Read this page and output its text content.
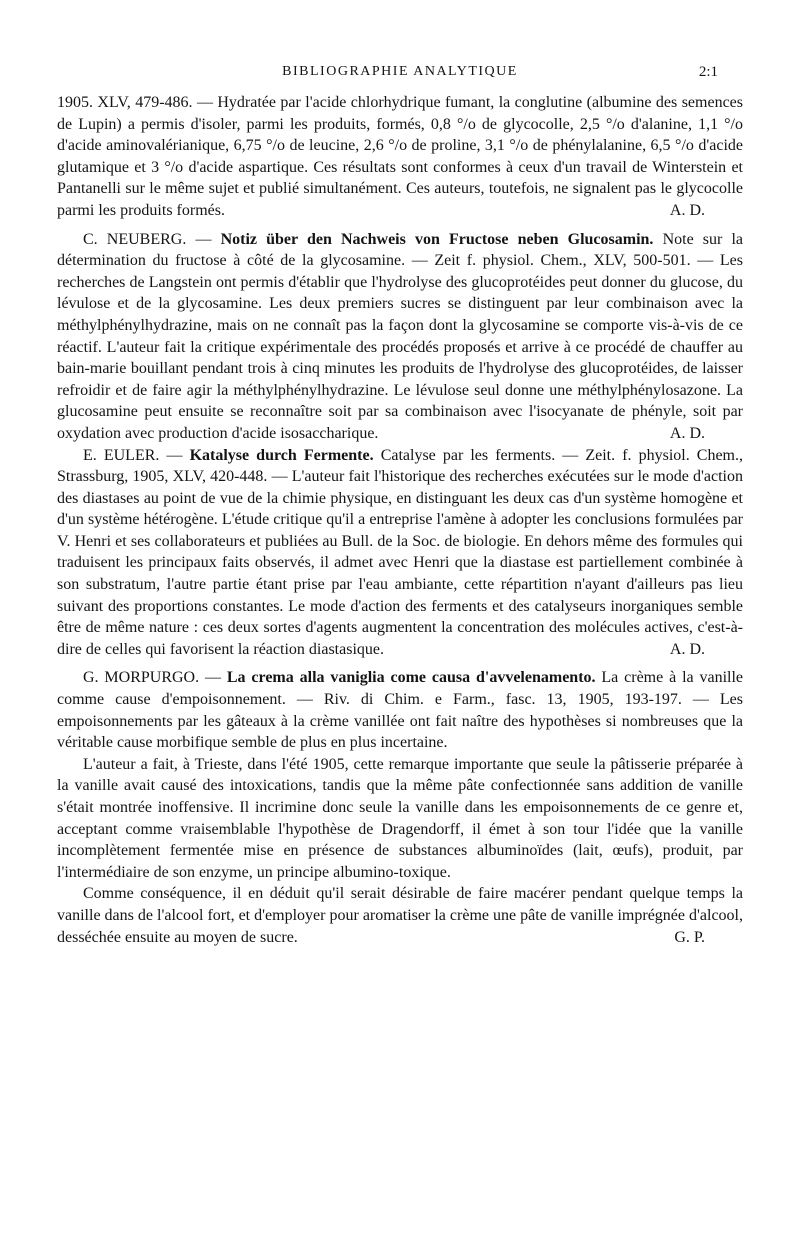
BIBLIOGRAPHIE ANALYTIQUE	2:1

1905. XLV, 479-486. — Hydratée par l'acide chlorhydrique fumant, la conglutine (albumine des semences de Lupin) a permis d'isoler, parmi les produits, formés, 0,8 °/o de glycocolle, 2,5 °/o d'alanine, 1,1 °/o d'acide aminovalérianique, 6,75 °/o de leucine, 2,6 °/o de proline, 3,1 °/o de phénylalanine, 6,5 °/o d'acide glutamique et 3 °/o d'acide aspartique. Ces résultats sont conformes à ceux d'un travail de Winterstein et Pantanelli sur le même sujet et publié simultanément. Ces auteurs, toutefois, ne signalent pas le glycocolle parmi les produits formés.	A. D.

C. NEUBERG. — Notiz über den Nachweis von Fructose neben Glucosamin. Note sur la détermination du fructose à côté de la glycosamine. — Zeit f. physiol. Chem., XLV, 500-501. — Les recherches de Langstein ont permis d'établir que l'hydrolyse des glucoprotéides peut donner du glucose, du lévulose et de la glycosamine. Les deux premiers sucres se distinguent par leur combinaison avec la méthylphénylhydrazine, mais on ne connaît pas la façon dont la glycosamine se comporte vis-à-vis de ce réactif. L'auteur fait la critique expérimentale des procédés proposés et arrive à ce procédé de chauffer au bain-marie bouillant pendant trois à cinq minutes les produits de l'hydrolyse des glucoprotéides, de laisser refroidir et de faire agir la méthylphénylhydrazine. Le lévulose seul donne une méthylphénylosazone. La glucosamine peut ensuite se reconnaître soit par sa combinaison avec l'isocyanate de phényle, soit par oxydation avec production d'acide isosaccharique.	A. D.

E. EULER. — Katalyse durch Fermente. Catalyse par les ferments. — Zeit. f. physiol. Chem., Strassburg, 1905, XLV, 420-448. — L'auteur fait l'historique des recherches exécutées sur le mode d'action des diastases au point de vue de la chimie physique, en distinguant les deux cas d'un système homogène et d'un système hétérogène. L'étude critique qu'il a entreprise l'amène à adopter les conclusions formulées par V. Henri et ses collaborateurs et publiées au Bull. de la Soc. de biologie. En dehors même des formules qui traduisent les principaux faits observés, il admet avec Henri que la diastase est partiellement combinée à son substratum, l'autre partie étant prise par l'eau ambiante, cette répartition n'ayant d'ailleurs pas lieu suivant des proportions constantes. Le mode d'action des ferments et des catalyseurs inorganiques semble être de même nature : ces deux sortes d'agents augmentent la concentration des molécules actives, c'est-à-dire de celles qui favorisent la réaction diastasique.	A. D.

G. MORPURGO. — La crema alla vaniglia come causa d'avvelenamento. La crème à la vanille comme cause d'empoisonnement. — Riv. di Chim. e Farm., fasc. 13, 1905, 193-197. — Les empoisonnements par les gâteaux à la crème vanillée ont fait naître des hypothèses si nombreuses que la véritable cause morbifique semble de plus en plus incertaine.

L'auteur a fait, à Trieste, dans l'été 1905, cette remarque importante que seule la pâtisserie préparée à la vanille avait causé des intoxications, tandis que la même pâte confectionnée sans addition de vanille s'était montrée inoffensive. Il incrimine donc seule la vanille dans les empoisonnements de ce genre et, acceptant comme vraisemblable l'hypothèse de Dragendorff, il émet à son tour l'idée que la vanille incomplètement fermentée mise en présence de substances albuminoïdes (lait, œufs), produit, par l'intermédiaire de son enzyme, un principe albumino-toxique.

Comme conséquence, il en déduit qu'il serait désirable de faire macérer pendant quelque temps la vanille dans de l'alcool fort, et d'employer pour aromatiser la crème une pâte de vanille imprégnée d'alcool, desséchée ensuite au moyen de sucre.	G. P.
